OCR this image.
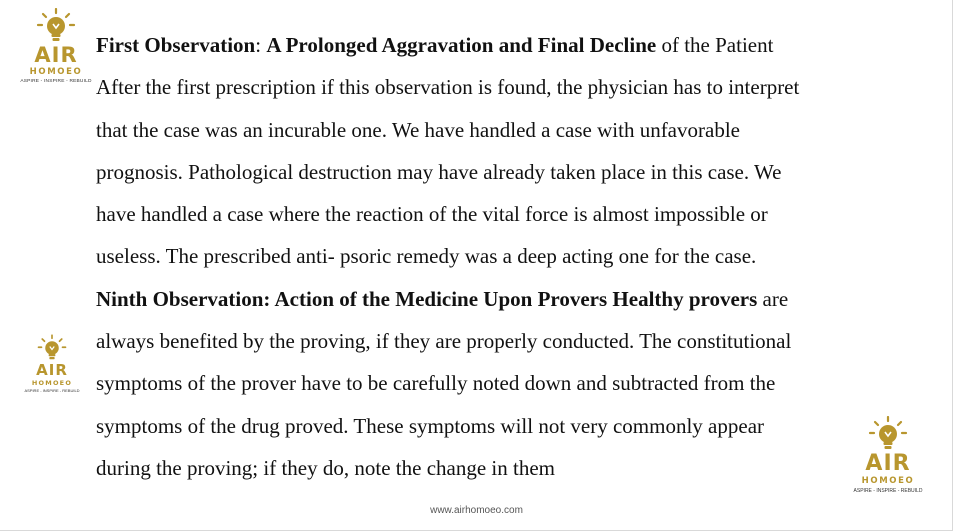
AIR
HOMOEO
ASPIRE - INSPIRE - REBUILD
AIR
HOMOEO
ASPIRE - INSPIRE - REBUILD
AIR
HOMOEO
ASPIRE - INSPIRE - REBUILD
First Observation: A Prolonged Aggravation and Final Decline of the Patient
After the first prescription if this observation is found, the physician has to interpret
that the case was an incurable one. We have handled a case with unfavorable
prognosis. Pathological destruction may have already taken place in this case. We
have handled a case where the reaction of the vital force is almost impossible or
useless. The prescribed anti- psoric remedy was a deep acting one for the case.
Ninth Observation: Action of the Medicine Upon Provers Healthy provers are
always benefited by the proving, if they are properly conducted. The constitutional
symptoms of the prover have to be carefully noted down and subtracted from the
symptoms of the drug proved. These symptoms will not very commonly appear
during the proving; if they do, note the change in them
www.airhomoeo.com
